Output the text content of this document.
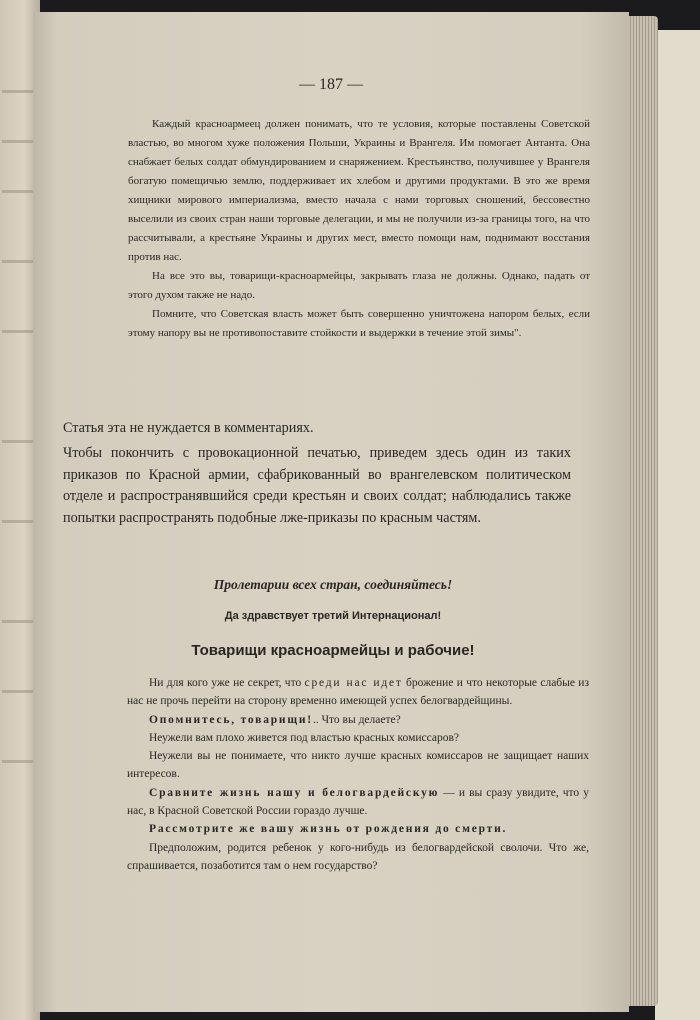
— 187 —

Каждый красноармеец должен понимать, что те условия, которые поставлены Советской властью, во многом хуже положения Польши, Украины и Врангеля. Им помогает Антанта. Она снабжает белых солдат обмундированием и снаряжением. Крестьянство, получившее у Врангеля богатую помещичью землю, поддерживает их хлебом и другими продуктами. В это же время хищники мирового империализма, вместо начала с нами торговых сношений, бессовестно выселили из своих стран наши торговые делегации, и мы не получили из-за границы того, на что рассчитывали, а крестьяне Украины и других мест, вместо помощи нам, поднимают восстания против нас.

На все это вы, товарищи-красноармейцы, закрывать глаза не должны. Однако, падать от этого духом также не надо.

Помните, что Советская власть может быть совершенно уничтожена напором белых, если этому напору вы не противопоставите стойкости и выдержки в течение этой зимы".

Статья эта не нуждается в комментариях.

Чтобы покончить с провокационной печатью, приведем здесь один из таких приказов по Красной армии, сфабрикованный во врангелевском политическом отделе и распространявшийся среди крестьян и своих солдат; наблюдались также попытки распространять подобные лже-приказы по красным частям.

Пролетарии всех стран, соединяйтесь!
Да здравствует третий Интернационал!
Товарищи красноармейцы и рабочие!

Ни для кого уже не секрет, что среди нас идет брожение и что некоторые слабые из нас не прочь перейти на сторону временно имеющей успех белогвардейщины.

Опомнитесь, товарищи!.. Что вы делаете?

Неужели вам плохо живется под властью красных комиссаров?

Неужели вы не понимаете, что никто лучше красных комиссаров не защищает наших интересов.

Сравните жизнь нашу и белогвардейскую — и вы сразу увидите, что у нас, в Красной Советской России гораздо лучше.

Рассмотрите же вашу жизнь от рождения до смерти.

Предположим, родится ребенок у кого-нибудь из белогвардейской сволочи. Что же, спрашивается, позаботится там о нем государство?
